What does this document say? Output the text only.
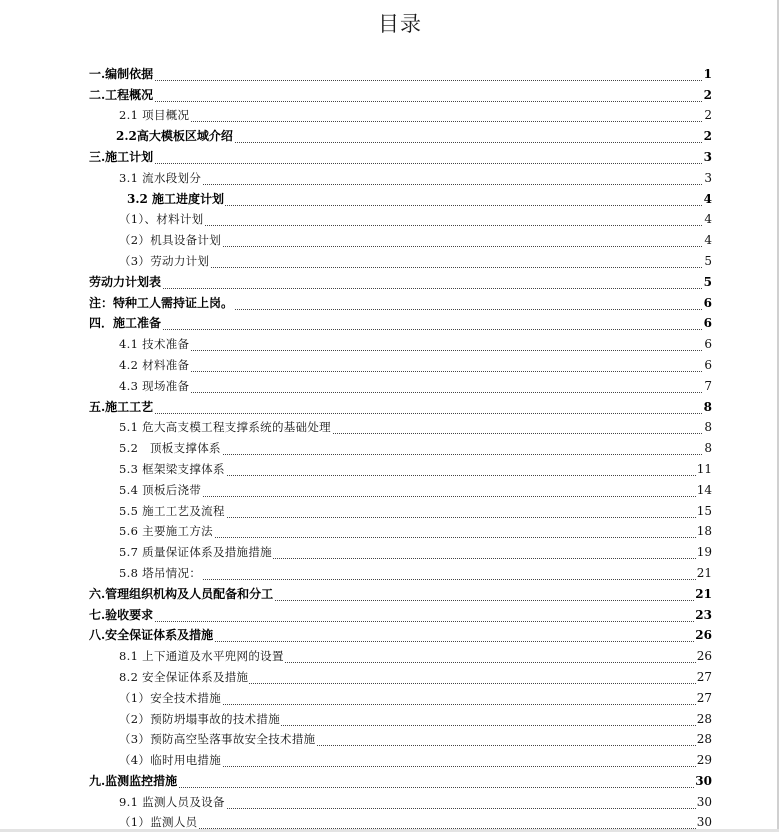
目录
一.编制依据	1
二.工程概况	2
2.1 项目概况	2
2.2高大模板区域介绍	2
三.施工计划	3
3.1 流水段划分	3
3.2 施工进度计划	4
（1）、材料计划	4
（2）机具设备计划	4
（3）劳动力计划	5
劳动力计划表	5
注：特种工人需持证上岗。	6
四．施工准备	6
4.1 技术准备	6
4.2 材料准备	6
4.3 现场准备	7
五.施工工艺	8
5.1 危大高支模工程支撑系统的基础处理	8
5.2　顶板支撑体系	8
5.3 框架梁支撑体系	11
5.4 顶板后浇带	14
5.5 施工工艺及流程	15
5.6 主要施工方法	18
5.7 质量保证体系及措施措施	19
5.8 塔吊情况：	21
六.管理组织机构及人员配备和分工	21
七.验收要求	23
八.安全保证体系及措施	26
8.1 上下通道及水平兜网的设置	26
8.2 安全保证体系及措施	27
（1）安全技术措施	27
（2）预防坍塌事故的技术措施	28
（3）预防高空坠落事故安全技术措施	28
（4）临时用电措施	29
九.监测监控措施	30
9.1 监测人员及设备	30
（1）监测人员	30
